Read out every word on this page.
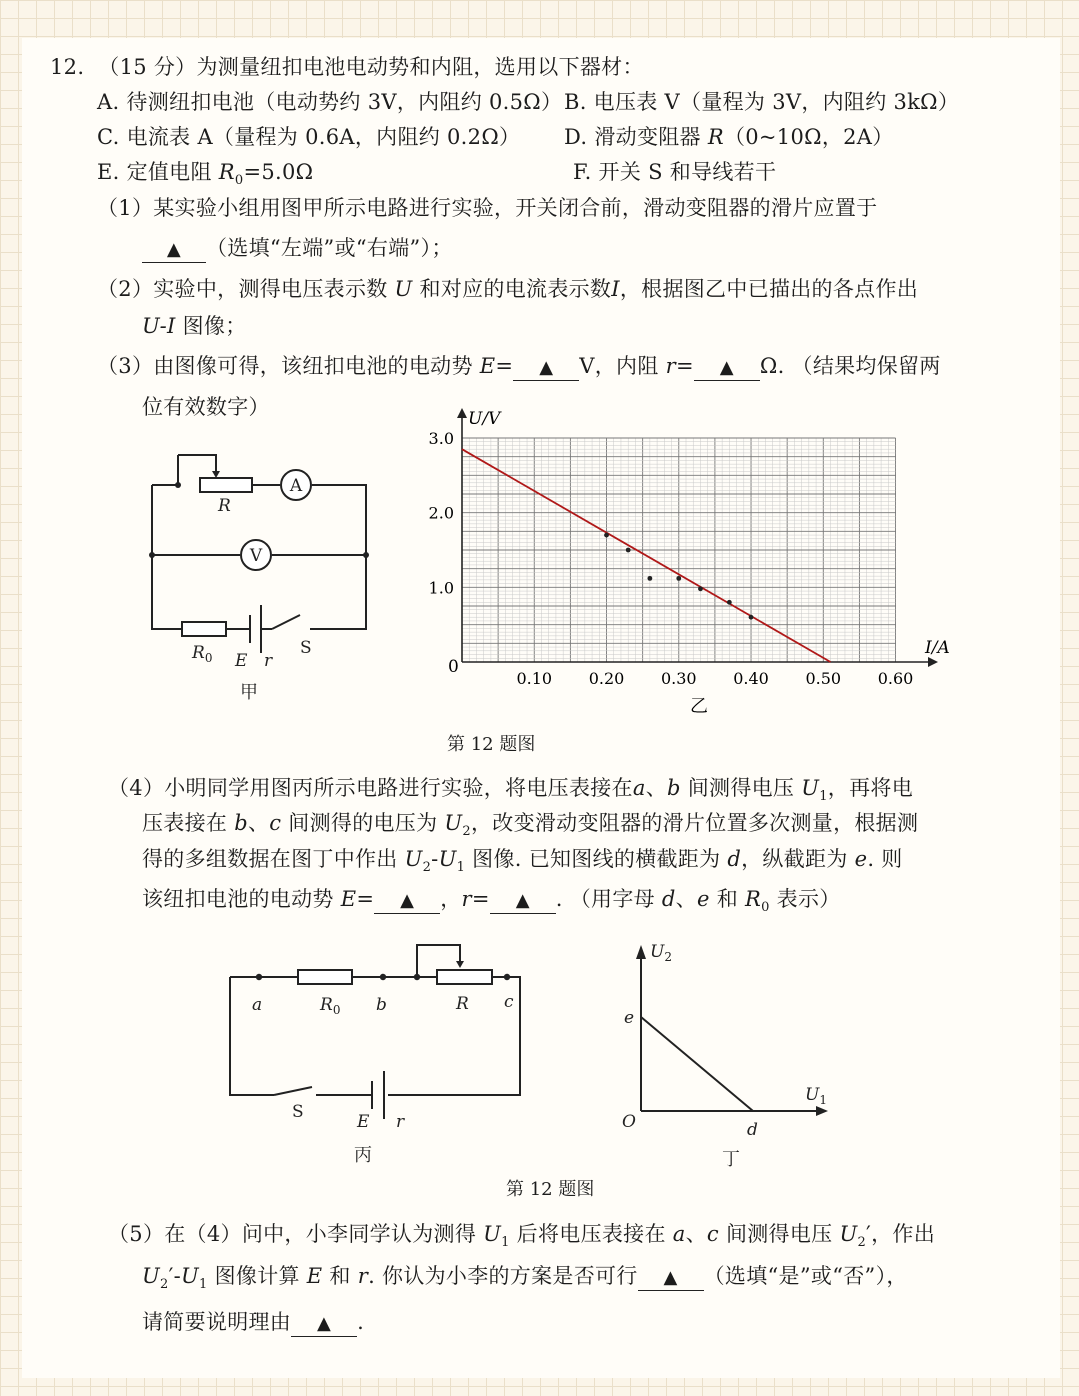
12. （15 分）为测量纽扣电池电动势和内阻，选用以下器材：
A. 待测纽扣电池（电动势约 3V，内阻约 0.5Ω） B. 电压表 V（量程为 3V，内阻约 3kΩ）
C. 电流表 A（量程为 0.6A，内阻约 0.2Ω） D. 滑动变阻器 R（0~10Ω，2A）
E. 定值电阻 $R_0=5.0\Omega$	F. 开关 S 和导线若干
（1）某实验小组用图甲所示电路进行实验，开关闭合前，滑动变阻器的滑片应置于
▲ （选填“左端”或“右端”）；
（2）实验中，测得电压表示数 U 和对应的电流表示数I，根据图乙中已描出的各点作出
U-I 图像；
（3）由图像可得，该纽扣电池的电动势 E= ▲ V，内阻 r= ▲ Ω. （结果均保留两
位有效数字）
A
V
R
$R_0$ E r
S
甲
0.10 0.20 0.30 0.40 0.50 0.60
1.0
2.0
3.0
I/A
U/V
0
乙
第 12 题图
（4）小明同学用图丙所示电路进行实验，将电压表接在a、b 间测得电压 $U_1$，再将电
压表接在 b、c 间测得的电压为 $U_2$，改变滑动变阻器的滑片位置多次测量，根据测
得的多组数据在图丁中作出 $U_2-U_1$ 图像. 已知图线的横截距为 d，纵截距为 e. 则
该纽扣电池的电动势 E= ▲ ，r= ▲ . （用字母 d、e 和 $R_0$ 表示）
a	$R_0$ b	R c
S	E r
丙
$U_2$
$U_1$
e
O	d
丁
第 12 题图
（5）在（4）问中，小李同学认为测得 $U_1$ 后将电压表接在 a、c 间测得电压 $U_2'$，作出
$U_2'-U_1$ 图像计算 E 和 r. 你认为小李的方案是否可行 ▲ （选填“是”或“否”），
请简要说明理由 ▲ .
